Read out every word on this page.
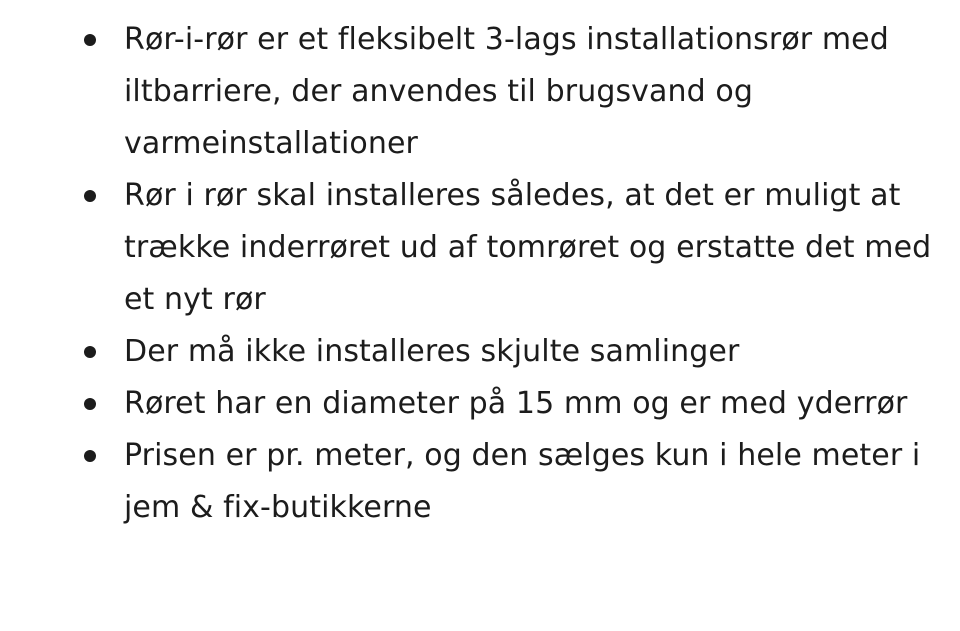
Rør-i-rør er et fleksibelt 3-lags installationsrør med iltbarriere, der anvendes til brugsvand og varmeinstallationer
Rør i rør skal installeres således, at det er muligt at trække inderrøret ud af tomrøret og erstatte det med et nyt rør
Der må ikke installeres skjulte samlinger
Røret har en diameter på 15 mm og er med yderrør
Prisen er pr. meter, og den sælges kun i hele meter i jem & fix-butikkerne
